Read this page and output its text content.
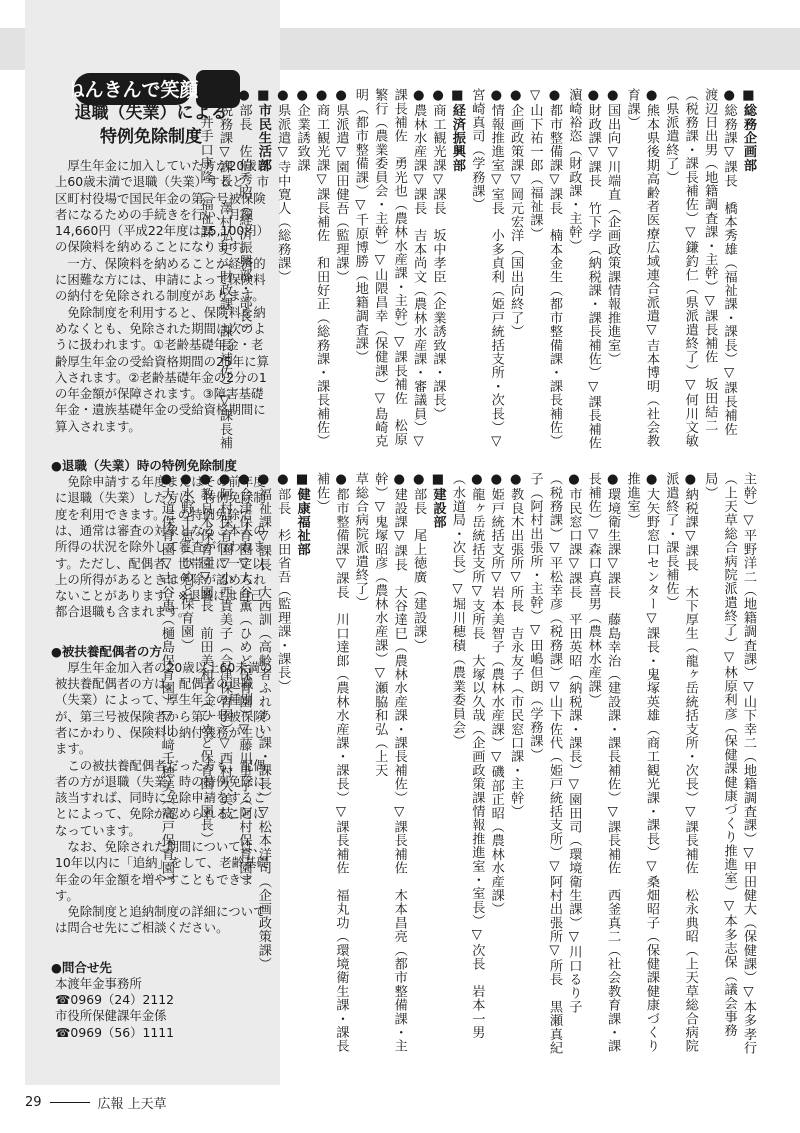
ねんきんで笑顔
退職（失業）による
特例免除制度

厚生年金に加入していた方が20歳以上60歳未満で退職（失業）すると、市区町村役場で国民年金の第一号被保険者になるための手続きを行い、月額14,660円（平成22年度は15,100円）の保険料を納めることになります。

一方、保険料を納めることが経済的に困難な方には、申請によって保険料の納付を免除される制度があります。

免除制度を利用すると、保険料を納めなくとも、免除された期間は次のように扱われます。①老齢基礎年金・老齢厚生年金の受給資格期間の25年に算入されます。②老齢基礎年金の2分の1の年金額が保障されます。③障害基礎年金・遺族基礎年金の受給資格期間に算入されます。

●退職（失業）時の特例免除制度

免除申請する年度またはその前年度に退職（失業）した方は、特例免除制度を利用できます。この特例免除では、通常は審査の対象となるご本人の所得の状況を除外して審査が行われます。ただし、配偶者、世帯主に一定以上の所得があるときは免除が認められないことがあります。※退職には自己都合退職も含まれます。

●被扶養配偶者の方

厚生年金加入者の20歳以上60未満の被扶養配偶者の方は、配偶者の退職（失業）によって、厚生年金の種別が、第三号被保険者から第一号被保険者にかわり、保険料の納付義務が生じます。

この被扶養配偶者だった方も、配偶者の方が退職（失業）時の特例免除に該当すれば、同時に免除申請をすることによって、免除が認められることになっています。

なお、免除された期間については、10年以内に「追納」をして、老齢基礎年金の年金額を増やすこともできます。

免除制度と追納制度の詳細については問合せ先にご相談ください。

●問合せ先

本渡年金事務所

☎0969（24）2112

市役所保健課年金係

☎0969（56）1111

■総務企画部
●総務課▽課長　橋本秀雄（福祉課・課長）▽課長補佐　渡辺日出男（地籍調査課・主幹）▽課長補佐　坂田結二（税務課・課長補佐）▽鎌釣仁（県派遣終了）▽何川文敏（県派遣終了）
●熊本県後期高齢者医療広域連合派遣▽吉本博明（社会教育課）
●国出向▽川端直（企画政策課情報推進室）
●財政課▽課長　竹下学（納税課・課長補佐）▽課長補佐　濵崎裕恣（財政課・主幹）
●都市整備課▽課長　楠本金生（都市整備課・課長補佐）▽山下祐一郎（福祉課）
●企画政策課▽岡元宏洋（国出向終了）
●情報推進室▽室長　小多貞利（姫戸統括支所・次長）▽
宮崎真司（学務課）
■経済振興部
●商工観光課▽課長　坂中孝臣（企業誘致課・課長）
●農林水産課▽課長　吉本尚文（農林水産課・審議員）▽課長補佐　勇光也（農林水産課・主幹）▽課長補佐　松原繁行（農業委員会・主幹）▽山隈昌幸（保健課）▽島崎克明（都市整備課）▽千原博勝（地籍調査課）
●県派遣▽園田健吾（監理課）
●商工観光課▽課長補佐　和田好正（総務課・課長補佐）
●企業誘致課
●県派遣▽寺中寛人（総務課）
■市民生活部
●部長　佐伯秀昭（経済振興部・部長）
●税務課▽課長　澤村弘史（財政課・課長補佐）▽課長補佐　井手口康隆（福祉課・
主幹）▽平野洋二（地籍調査課）▽山下幸二（地籍調査課）▽甲田健大（保健課）▽本多孝行（上天草総合病院派遣終了）▽林原利彦（保健課健康づくり推進室）▽本多志保（議会事務局）
●納税課▽課長　木下厚生（龍ヶ岳統括支所・次長）▽課長補佐　松永典昭（上天草総合病院派遣終了・課長補佐）
●大矢野窓口センター▽課長・鬼塚英雄（商工観光課・課長）▽桑畑昭子（保健課健康づくり推進室）
●環境衛生課▽課長　藤島幸治（建設課・課長補佐）▽課長補佐　西釜真二（社会教育課・課長補佐）▽森口真喜男（農林水産課）
●市民窓口課▽課長　平田英昭（納税課・課長）▽園田司（環境衛生課）▽川口るり子
（税務課）▽平松幸彦（税務課）▽山下佐代（姫戸統括支所）▽阿村出張所▽所長　黒瀬真紀子（阿村出張所・主幹）▽田嶋但朗（学務課）
●教良木出張所▽所長　吉永友子（市民窓口課・主幹）
●姫戸統括支所▽岩本美智子（農林水産課）▽磯部正昭（農林水産課）
●龍ヶ岳統括支所▽支所長　大塚以久哉（企画政策課情報推進室・室長）▽次長　岩本一男（水道局・次長）▽堀川穂積（農業委員会）
■建設部
●部長　尾上徳廣（建設課）
●建設課▽課長　大谷達巳（農林水産課・課長補佐）▽課長補佐　木本昌亮（都市整備課・主幹）▽鬼塚昭彦（農林水産課）▽瀬脇和弘（上天
草総合病院派遣終了）
●都市整備課▽課長　川口達郎（農林水産課・課長）▽課長補佐　福丸功（環境衛生課・課長補佐）
■健康福祉部
●部長　杉田省吾（監理課・課長）
●福祉課▽課長　大西訓（高齢者ふれあい課・課長）▽松本洋司（企画政策課）
●合津保育園▽大谷薫（ひめど保育園）▽藤川里子（阿村保育園）
●阿村保育園▽小西貴美子（合津保育園）▽西村久美枝
●教良木保育園▽園長　前田美和子（ひめど保育園・園長）
●水野千恵（ひめど保育園）
●大道保育園▽古谷恵（樋島保育園）▽川﨑千穂美（高戸保育園）
29	広報 上天草
